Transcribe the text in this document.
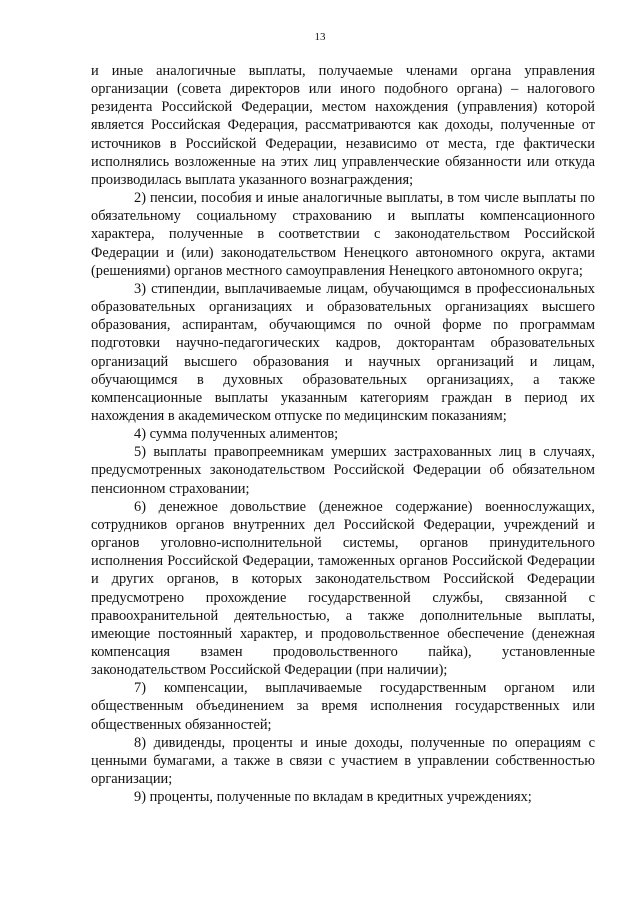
13

и иные аналогичные выплаты, получаемые членами органа управления организации (совета директоров или иного подобного органа) – налогового резидента Российской Федерации, местом нахождения (управления) которой является Российская Федерация, рассматриваются как доходы, полученные от источников в Российской Федерации, независимо от места, где фактически исполнялись возложенные на этих лиц управленческие обязанности или откуда производилась выплата указанного вознаграждения;

2) пенсии, пособия и иные аналогичные выплаты, в том числе выплаты по обязательному социальному страхованию и выплаты компенсационного характера, полученные в соответствии с законодательством Российской Федерации и (или) законодательством Ненецкого автономного округа, актами (решениями) органов местного самоуправления Ненецкого автономного округа;

3) стипендии, выплачиваемые лицам, обучающимся в профессиональных образовательных организациях и образовательных организациях высшего образования, аспирантам, обучающимся по очной форме по программам подготовки научно-педагогических кадров, докторантам образовательных организаций высшего образования и научных организаций и лицам, обучающимся в духовных образовательных организациях, а также компенсационные выплаты указанным категориям граждан в период их нахождения в академическом отпуске по медицинским показаниям;

4) сумма полученных алиментов;

5) выплаты правопреемникам умерших застрахованных лиц в случаях, предусмотренных законодательством Российской Федерации об обязательном пенсионном страховании;

6) денежное довольствие (денежное содержание) военнослужащих, сотрудников органов внутренних дел Российской Федерации, учреждений и органов уголовно-исполнительной системы, органов принудительного исполнения Российской Федерации, таможенных органов Российской Федерации и других органов, в которых законодательством Российской Федерации предусмотрено прохождение государственной службы, связанной с правоохранительной деятельностью, а также дополнительные выплаты, имеющие постоянный характер, и продовольственное обеспечение (денежная компенсация взамен продовольственного пайка), установленные законодательством Российской Федерации (при наличии);

7) компенсации, выплачиваемые государственным органом или общественным объединением за время исполнения государственных или общественных обязанностей;

8) дивиденды, проценты и иные доходы, полученные по операциям с ценными бумагами, а также в связи с участием в управлении собственностью организации;

9) проценты, полученные по вкладам в кредитных учреждениях;
